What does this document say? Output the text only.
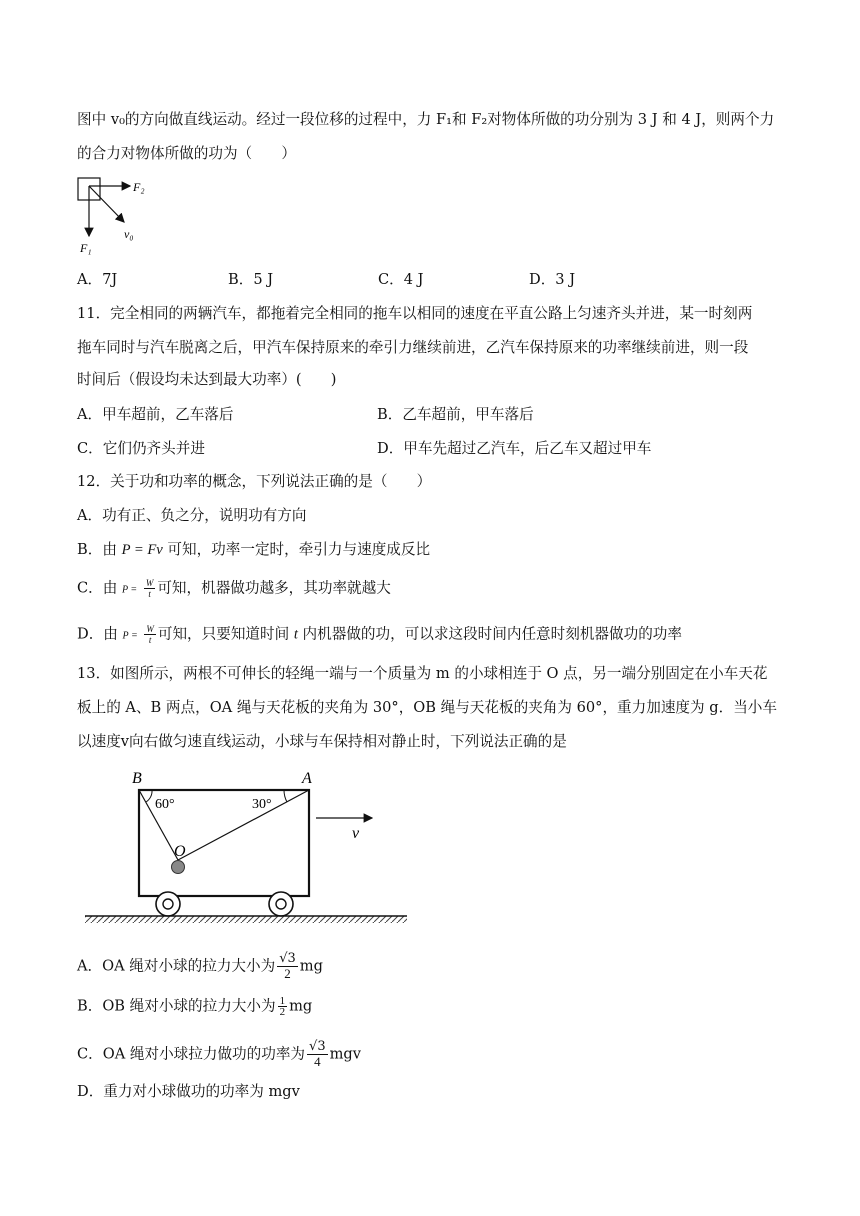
图中 v₀的方向做直线运动。经过一段位移的过程中，力 F₁和 F₂对物体所做的功分别为 3 J 和 4 J，则两个力
的合力对物体所做的功为（　　）
F₂
F₁
v₀
A．7J	B．5 J	C．4 J	D．3 J
11．完全相同的两辆汽车，都拖着完全相同的拖车以相同的速度在平直公路上匀速齐头并进，某一时刻两
拖车同时与汽车脱离之后，甲汽车保持原来的牵引力继续前进，乙汽车保持原来的功率继续前进，则一段
时间后（假设均未达到最大功率）(　　)
A．甲车超前，乙车落后	B．乙车超前，甲车落后
C．它们仍齐头并进	D．甲车先超过乙汽车，后乙车又超过甲车
12．关于功和功率的概念，下列说法正确的是（　　）
A．功有正、负之分，说明功有方向
B．由 P = Fv 可知，功率一定时，牵引力与速度成反比
C．由 $P = \frac{W}{t}$ 可知，机器做功越多，其功率就越大
D．由 $P = \frac{W}{t}$ 可知，只要知道时间 t 内机器做的功，可以求这段时间内任意时刻机器做功的功率
13．如图所示，两根不可伸长的轻绳一端与一个质量为 m 的小球相连于 O 点，另一端分别固定在小车天花
板上的 A、B 两点，OA 绳与天花板的夹角为 30°，OB 绳与天花板的夹角为 60°，重力加速度为 g．当小车
以速度v向右做匀速直线运动，小球与车保持相对静止时，下列说法正确的是
B	A
60°	30°
O
v
A．OA 绳对小球的拉力大小为 $\frac{√3}{2}$ mg
B．OB 绳对小球的拉力大小为 $\frac{1}{2}$ mg
C．OA 绳对小球拉力做功的功率为 $\frac{√3}{4}$ mgv
D．重力对小球做功的功率为 mgv
